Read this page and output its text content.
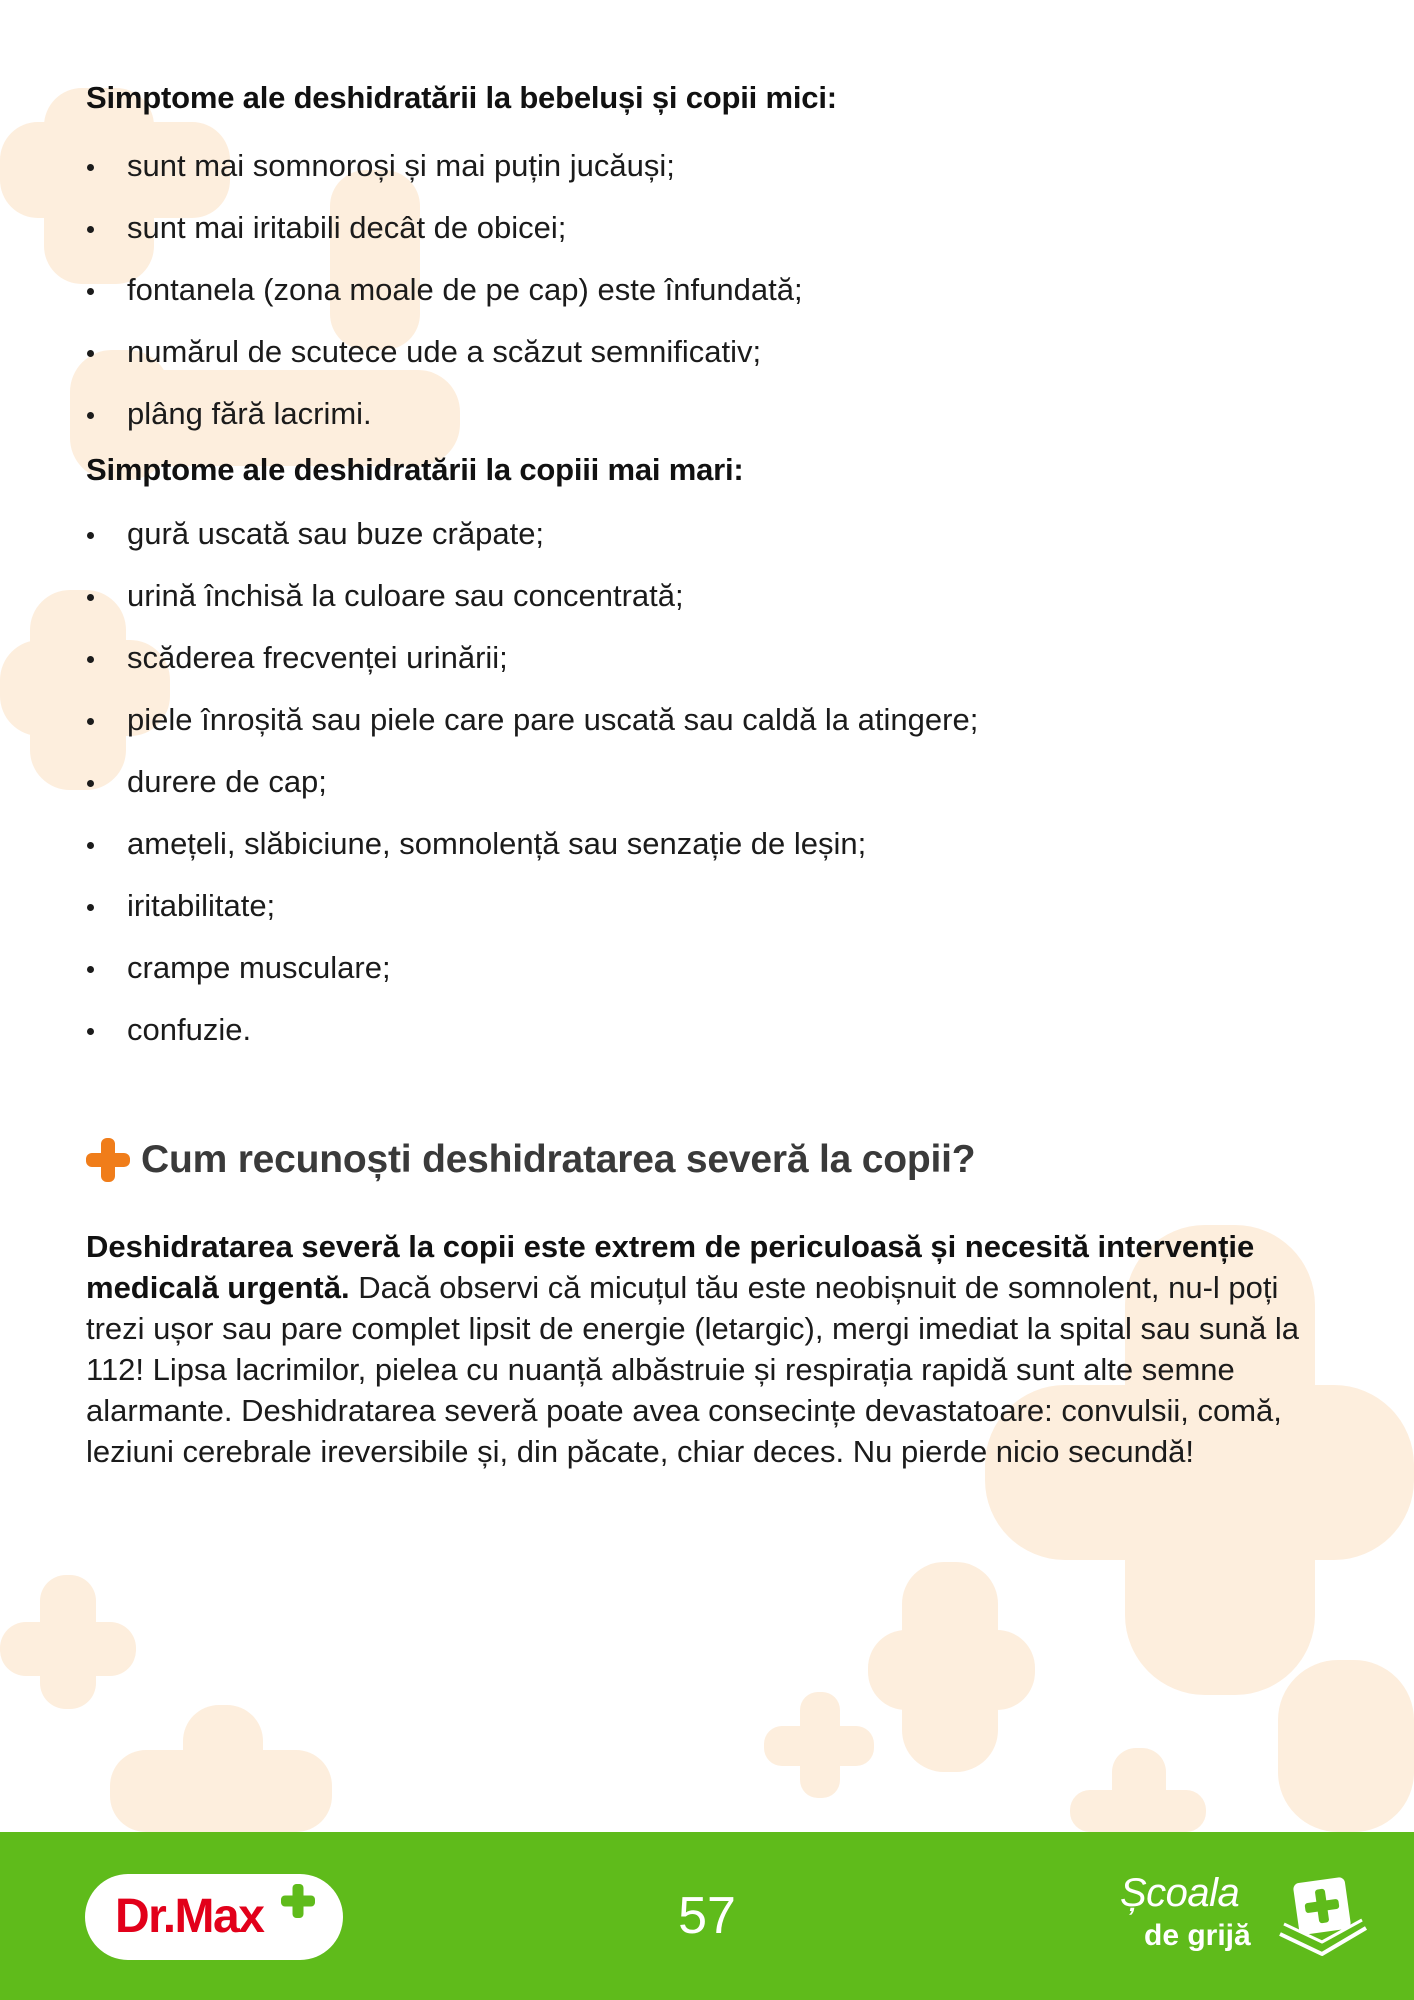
Simptome ale deshidratării la bebeluși și copii mici:
sunt mai somnoroși și mai puțin jucăuși;
sunt mai iritabili decât de obicei;
fontanela (zona moale de pe cap) este înfundată;
numărul de scutece ude a scăzut semnificativ;
plâng fără lacrimi.
Simptome ale deshidratării la copiii mai mari:
gură uscată sau buze crăpate;
urină închisă la culoare sau concentrată;
scăderea frecvenței urinării;
piele înroșită sau piele care pare uscată sau caldă la atingere;
durere de cap;
amețeli, slăbiciune, somnolență sau senzație de leșin;
iritabilitate;
crampe musculare;
confuzie.
Cum recunoști deshidratarea severă la copii?

Deshidratarea severă la copii este extrem de periculoasă și necesită intervenție medicală urgentă. Dacă observi că micuțul tău este neobișnuit de somnolent, nu-l poți trezi ușor sau pare complet lipsit de energie (letargic), mergi imediat la spital sau sună la 112! Lipsa lacrimilor, pielea cu nuanță albăstruie și respirația rapidă sunt alte semne alarmante. Deshidratarea severă poate avea consecințe devastatoare: convulsii, comă, leziuni cerebrale ireversibile și, din păcate, chiar deces. Nu pierde nicio secundă!

Dr.Max	57	Școala
de grijă
